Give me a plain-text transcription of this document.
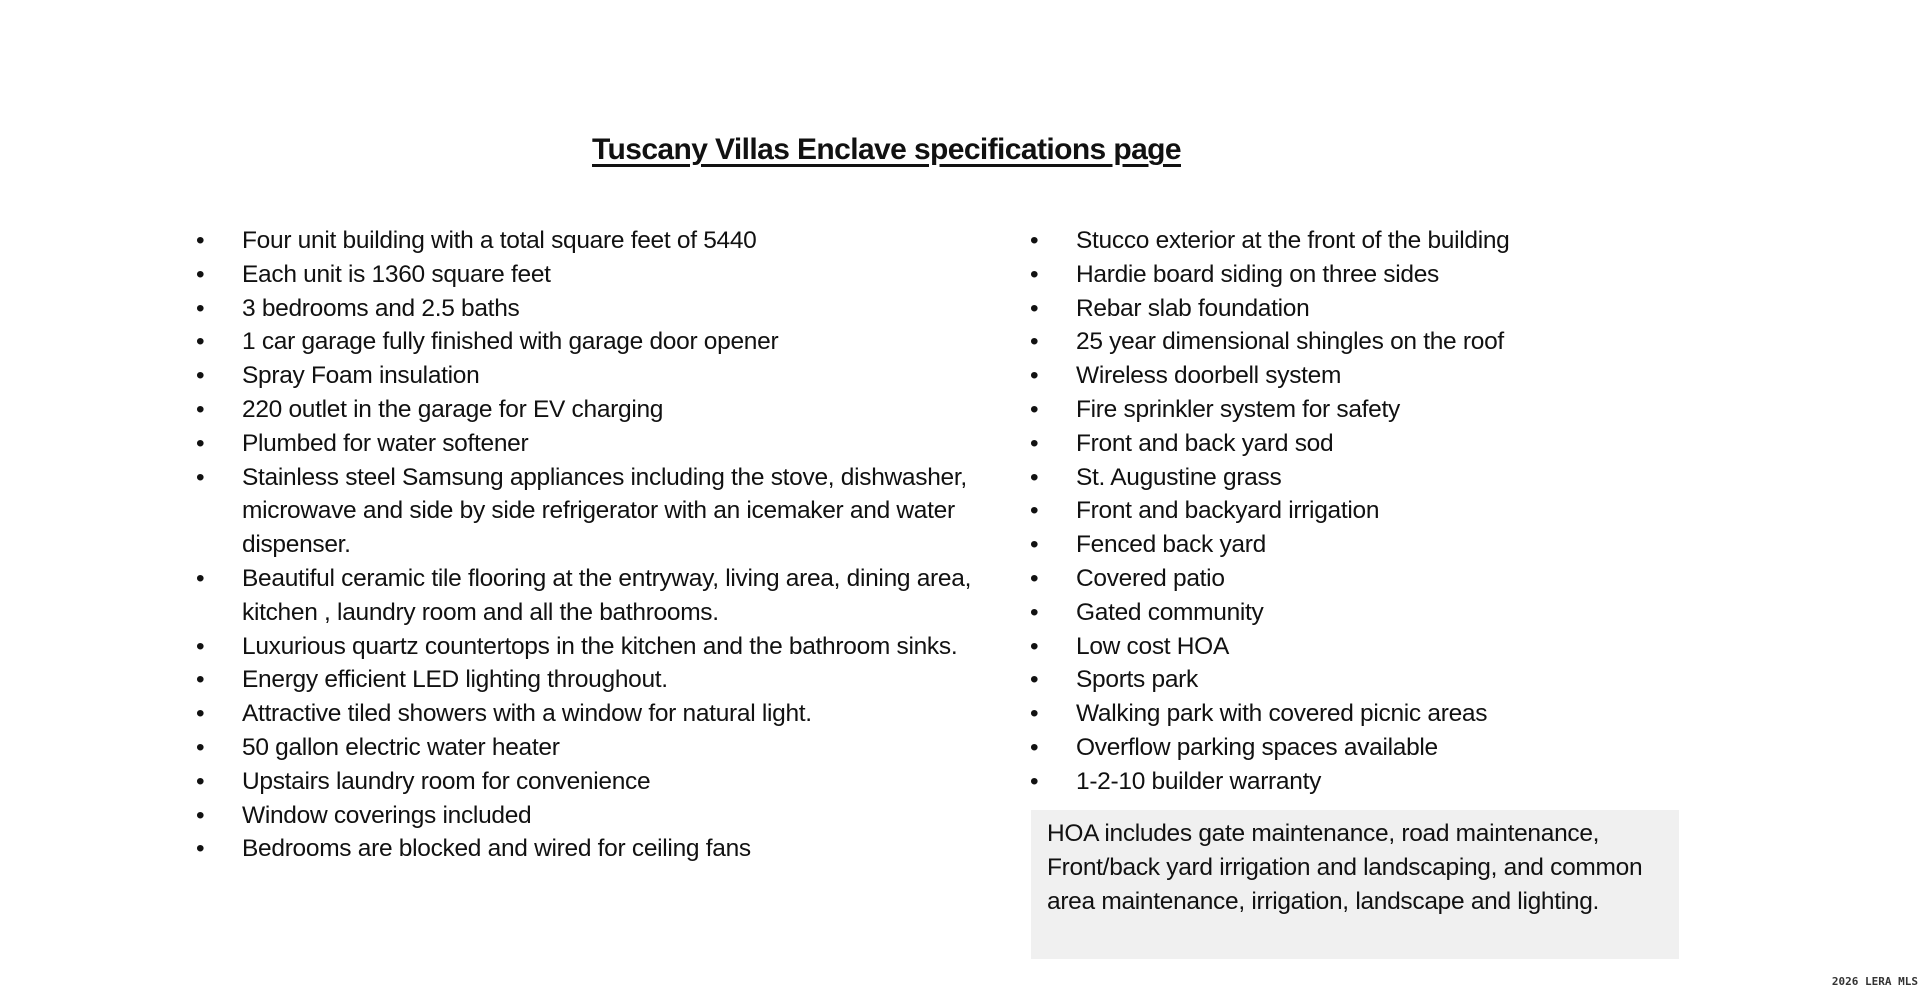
Tuscany Villas Enclave specifications page
• Four unit building with a total square feet of 5440
• Each unit is 1360 square feet
• 3 bedrooms and 2.5 baths
• 1 car garage fully finished with garage door opener
• Spray Foam insulation
• 220 outlet in the garage for EV charging
• Plumbed for water softener
• Stainless steel Samsung appliances including the stove, dishwasher, microwave and side by side refrigerator with an icemaker and water dispenser.
• Beautiful ceramic tile flooring at the entryway, living area, dining area, kitchen , laundry room and all the bathrooms.
• Luxurious quartz countertops in the kitchen and the bathroom sinks.
• Energy efficient LED lighting throughout.
• Attractive tiled showers with a window for natural light.
• 50 gallon electric water heater
• Upstairs laundry room for convenience
• Window coverings included
• Bedrooms are blocked and wired for ceiling fans
• Stucco exterior at the front of the building
• Hardie board siding on three sides
• Rebar slab foundation
• 25 year dimensional shingles on the roof
• Wireless doorbell system
• Fire sprinkler system for safety
• Front and back yard sod
• St. Augustine grass
• Front and backyard irrigation
• Fenced back yard
• Covered patio
• Gated community
• Low cost HOA
• Sports park
• Walking park with covered picnic areas
• Overflow parking spaces available
• 1-2-10 builder warranty
HOA includes gate maintenance, road maintenance, Front/back yard irrigation and landscaping, and common area maintenance, irrigation, landscape and lighting.
2026 LERA MLS
